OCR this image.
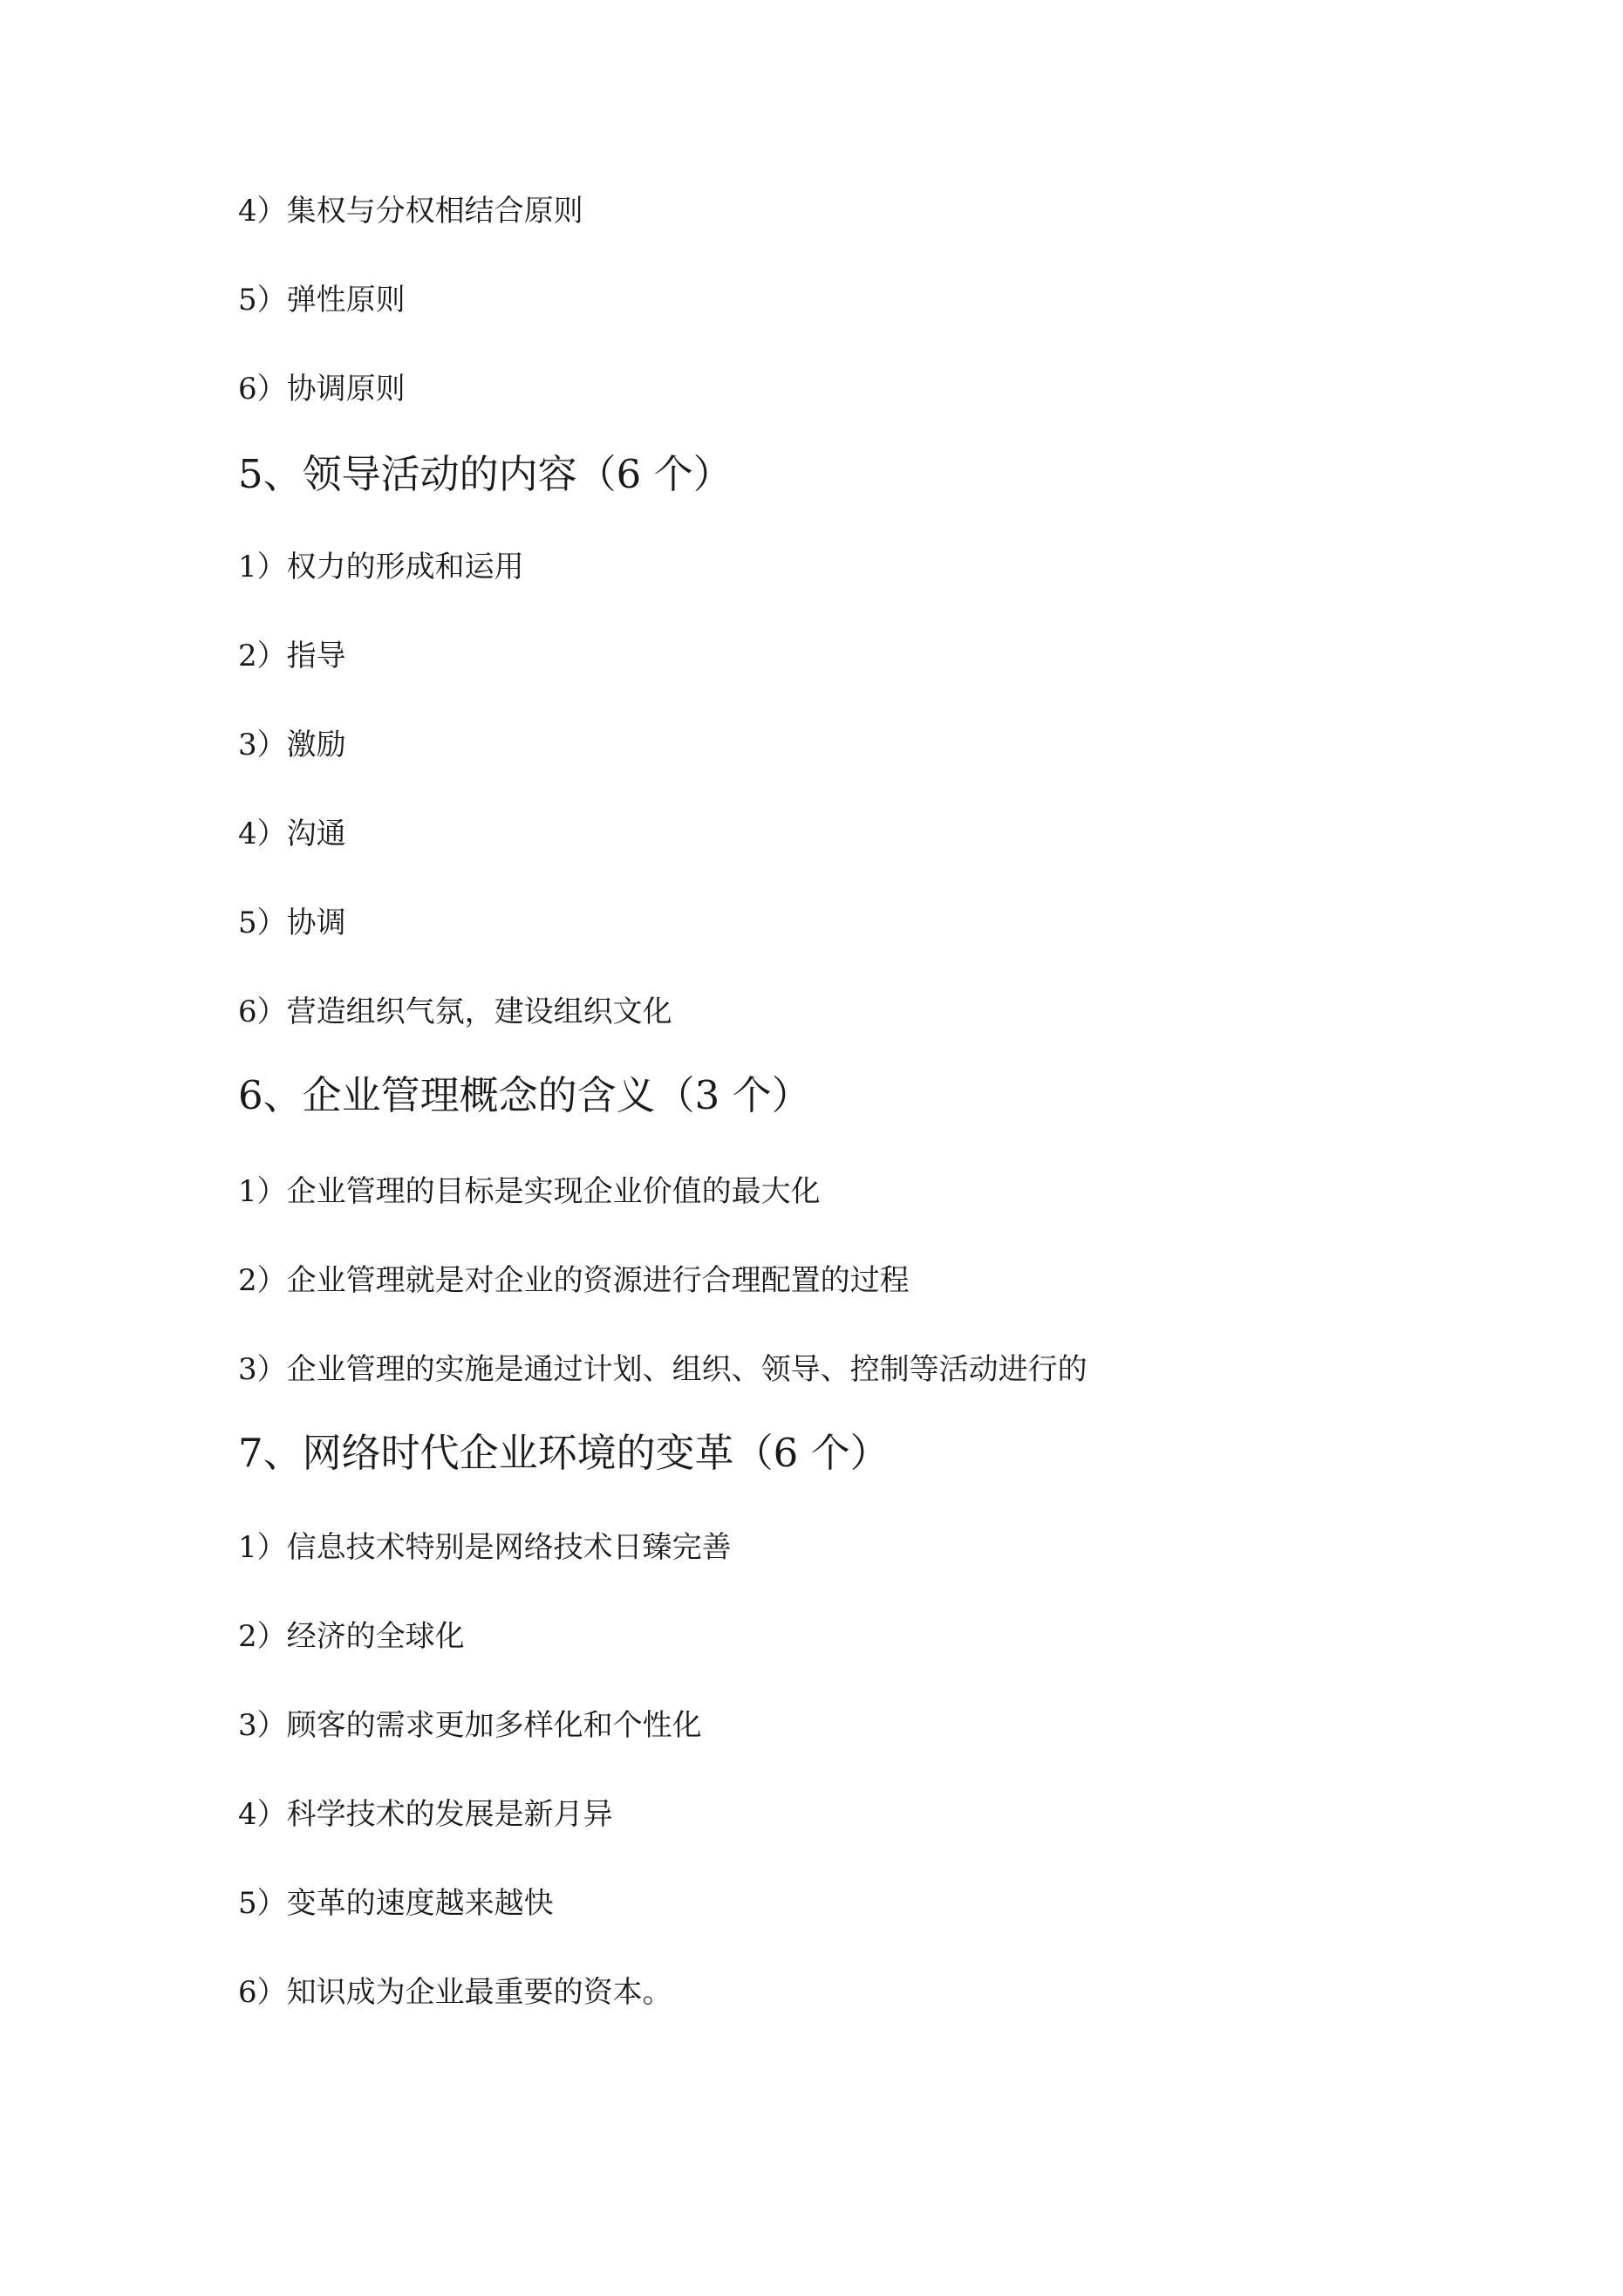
4）集权与分权相结合原则
5）弹性原则
6）协调原则
5、领导活动的内容（6 个）
1）权力的形成和运用
2）指导
3）激励
4）沟通
5）协调
6）营造组织气氛，建设组织文化
6、企业管理概念的含义（3 个）
1）企业管理的目标是实现企业价值的最大化
2）企业管理就是对企业的资源进行合理配置的过程
3）企业管理的实施是通过计划、组织、领导、控制等活动进行的
7、网络时代企业环境的变革（6 个）
1）信息技术特别是网络技术日臻完善
2）经济的全球化
3）顾客的需求更加多样化和个性化
4）科学技术的发展是新月异
5）变革的速度越来越快
6）知识成为企业最重要的资本。
